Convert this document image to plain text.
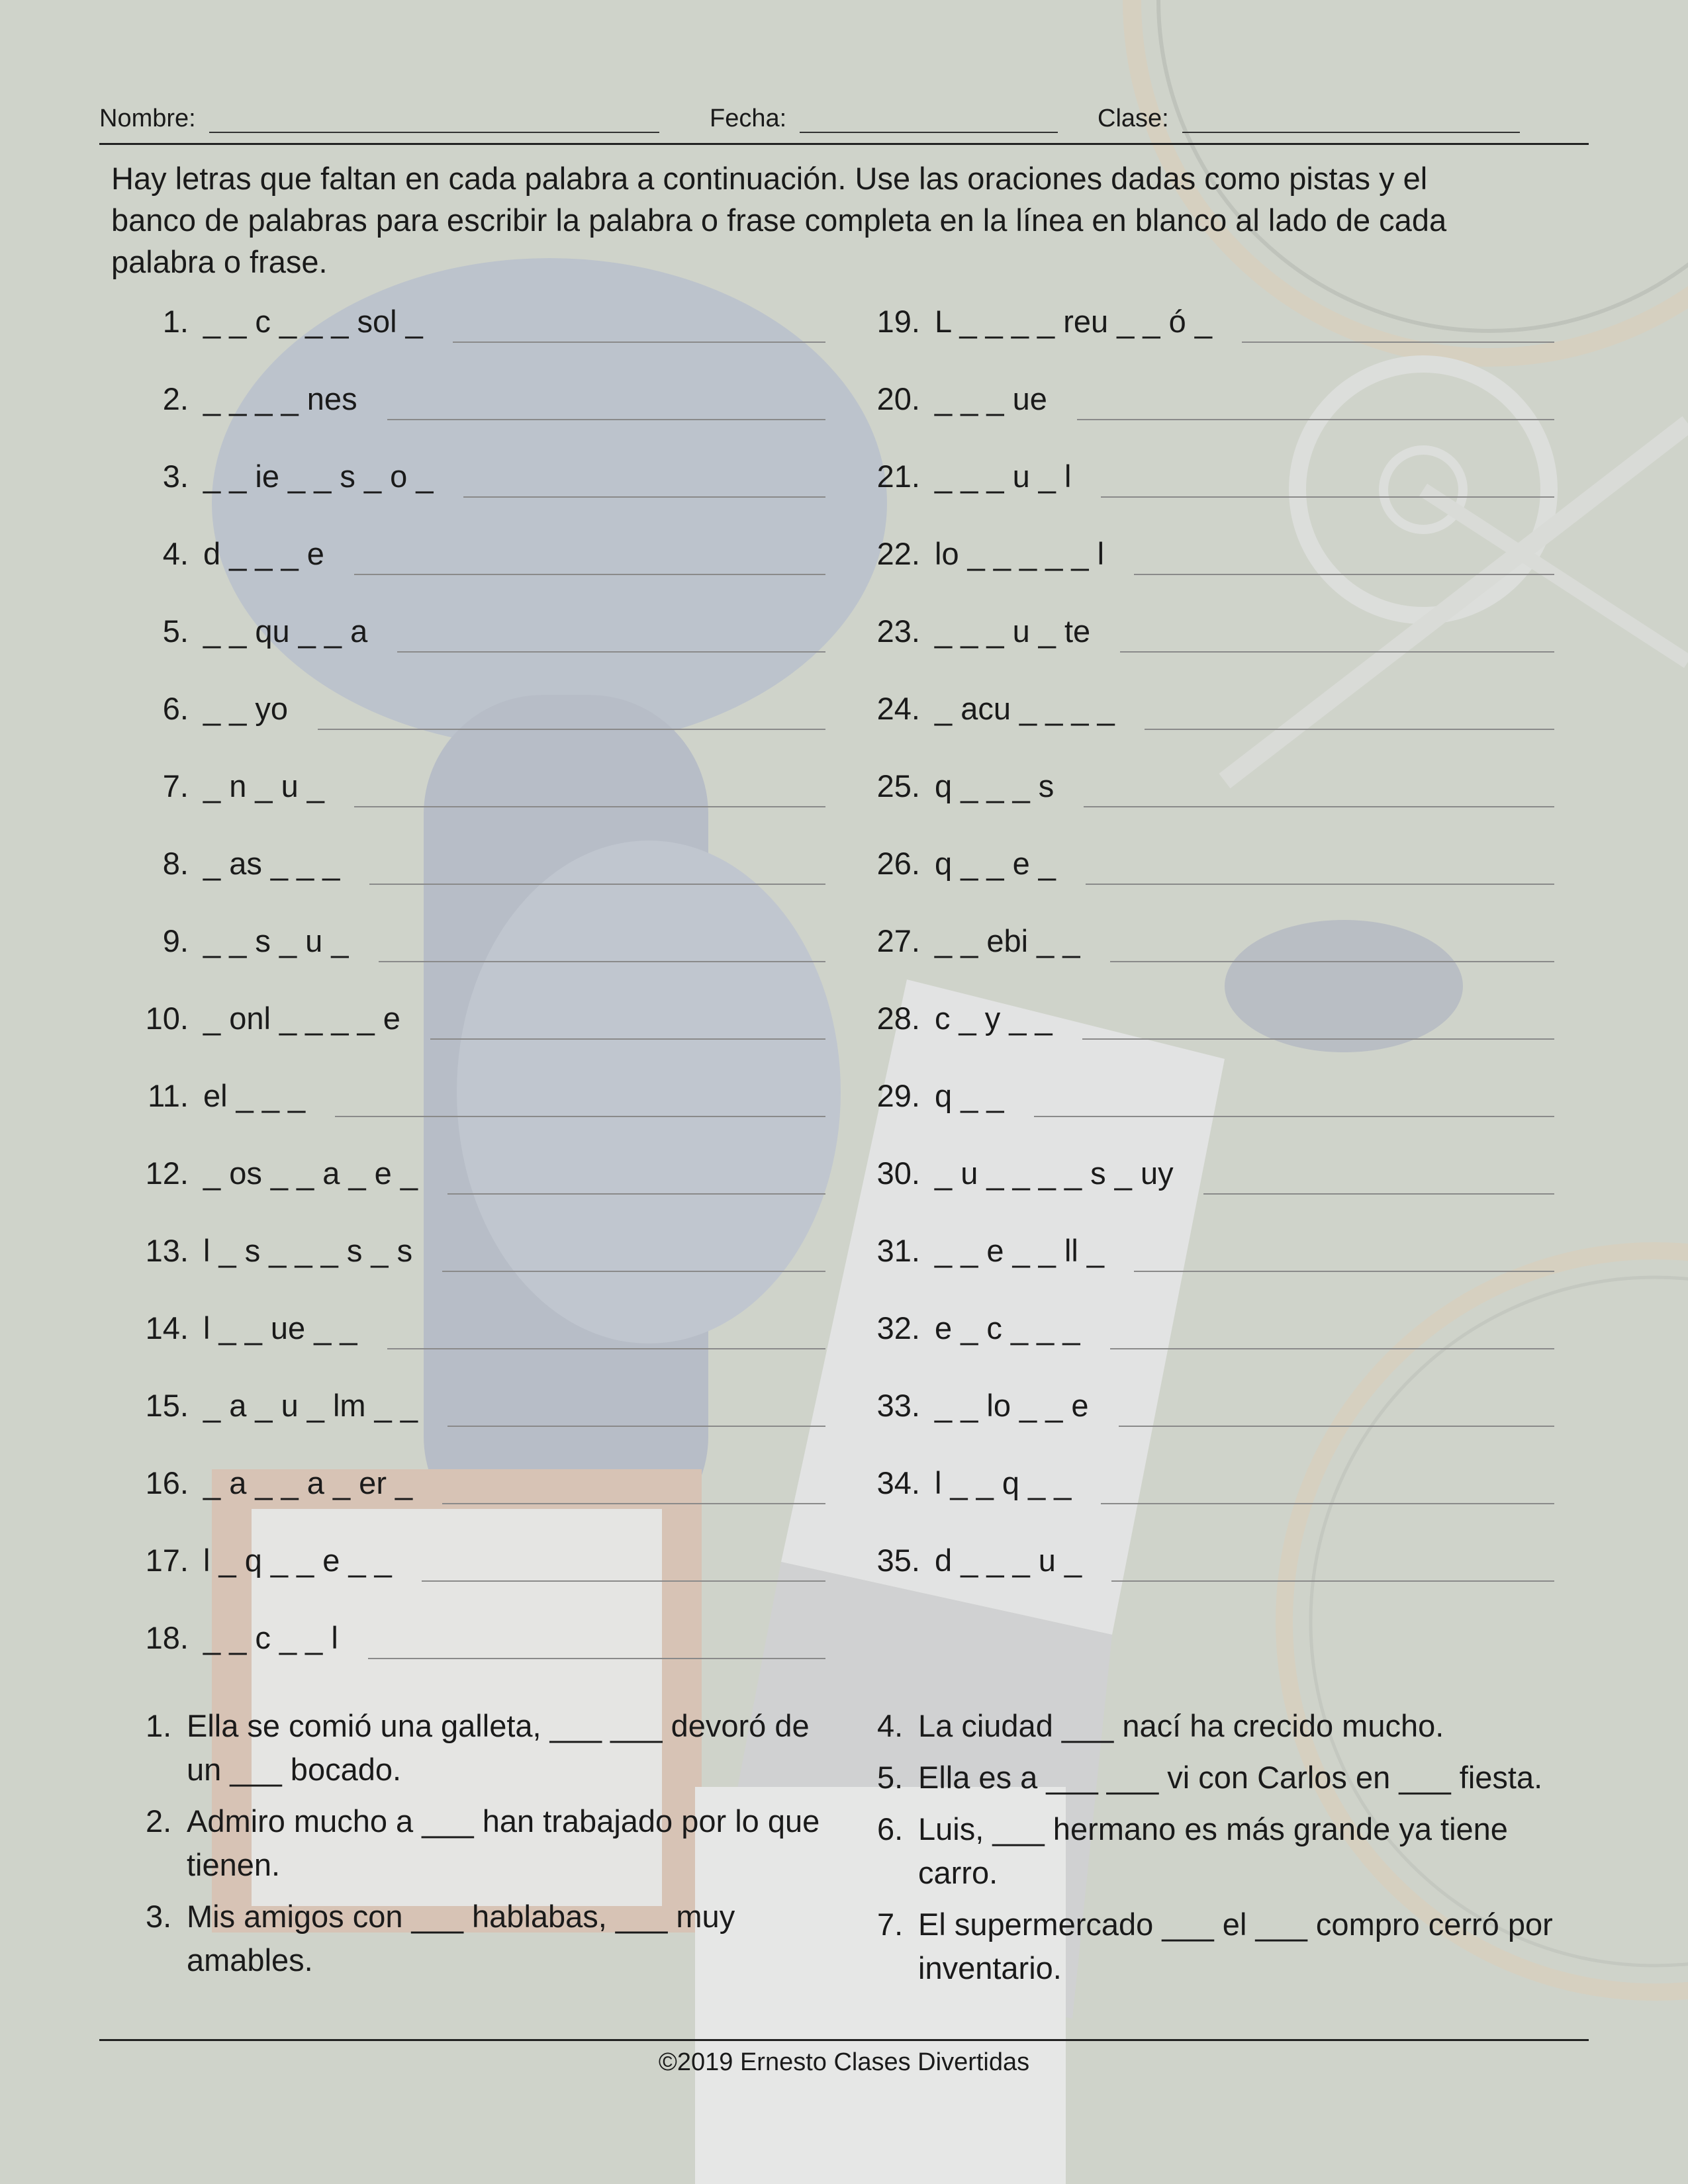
Nombre:	Fecha:	Clase:
Hay letras que faltan en cada palabra a continuación. Use las oraciones dadas como pistas y el banco de palabras para escribir la palabra o frase completa en la línea en blanco al lado de cada palabra o frase.
1. _ _ c _ _ _ sol _
2. _ _ _ _ nes
3. _ _ ie _ _ s _ o _
4. d _ _ _ e
5. _ _ qu _ _ a
6. _ _ yo
7. _ n _ u _
8. _ as _ _ _
9. _ _ s _ u _
10. _ onl _ _ _ _ e
11. el _ _ _
12. _ os _ _ a _ e _
13. l _ s _ _ _ s _ s
14. l _ _ ue _ _
15. _ a _ u _ lm _ _
16. _ a _ _ a _ er _
17. l _ q _ _ e _ _
18. _ _ c _ _ l
19. L _ _ _ _ reu _ _ ó _
20. _ _ _ ue
21. _ _ _ u _ l
22. lo _ _ _ _ _ l
23. _ _ _ u _ te
24. _ acu _ _ _ _
25. q _ _ _ s
26. q _ _ e _
27. _ _ ebi _ _
28. c _ y _ _
29. q _ _
30. _ u _ _ _ _ s _ uy
31. _ _ e _ _ ll _
32. e _ c _ _ _
33. _ _ lo _ _ e
34. l _ _ q _ _
35. d _ _ _ u _
1. Ella se comió una galleta, ___ ___ devoró de un ___ bocado.
2. Admiro mucho a ___ han trabajado por lo que tienen.
3. Mis amigos con ___ hablabas, ___ muy amables.
4. La ciudad ___ nací ha crecido mucho.
5. Ella es a ___ ___ vi con Carlos en ___ fiesta.
6. Luis, ___ hermano es más grande ya tiene carro.
7. El supermercado ___ el ___ compro cerró por inventario.
©2019 Ernesto Clases Divertidas
